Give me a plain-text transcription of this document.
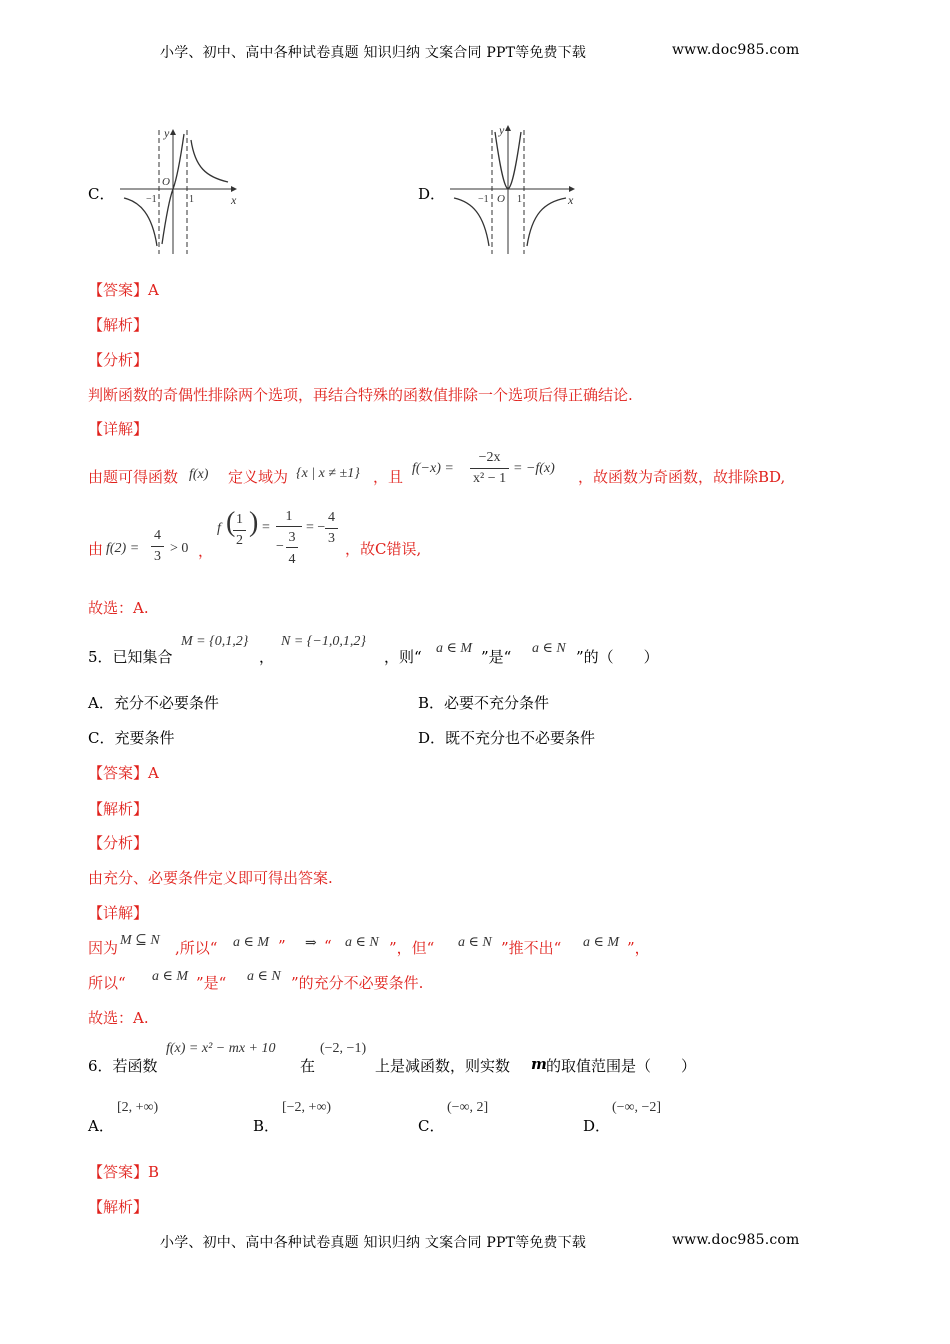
小学、初中、高中各种试卷真题 知识归纳 文案合同 PPT等免费下载	www.doc985.com
C．
y
x
O
−1	1	D．
y
x
O
−1	1
【答案】A
【解析】
【分析】
判断函数的奇偶性排除两个选项，再结合特殊的函数值排除一个选项后得正确结论.
【详解】
由题可得函数 f(x) 定义域为 {x | x ≠ ±1} ，且 $f(-x) = \frac{-2x}{\text{x² − 1}} = -f(x)$ ，故函数为奇函数，故排除BD,
由 $f(2) = \frac{4}{3} > 0$ ，
f (
$\frac{1}{2}$ ) = 1
−
3
4 = − $\frac{4}{3}$ ，故C错误,
故选：A.
5．已知集合
M = {0,1,2}
，
N = {−1,0,1,2}
，则“ a ∈ M ”是“ a ∈ N ”的（　　）
A．充分不必要条件	B．必要不充分条件
C．充要条件	D．既不充分也不必要条件
【答案】A
【解析】
【分析】
由充分、必要条件定义即可得出答案.
【详解】
因为 M ⊆ N ,所以“ a ∈ M ” ⇒ “ a ∈ N ”，但“ a ∈ N ”推不出“ a ∈ M ”，
所以“ a ∈ M ”是“ a ∈ N ”的充分不必要条件.
故选：A.
6．若函数
f(x) = x² − mx + 10
在
(−2, −1)
上是减函数，则实数 m 的取值范围是（　　）
A．
[2, +∞)
B．
[−2, +∞)
C．
(−∞, 2]
D．
(−∞, −2]
【答案】B
【解析】
小学、初中、高中各种试卷真题 知识归纳 文案合同 PPT等免费下载	www.doc985.com
